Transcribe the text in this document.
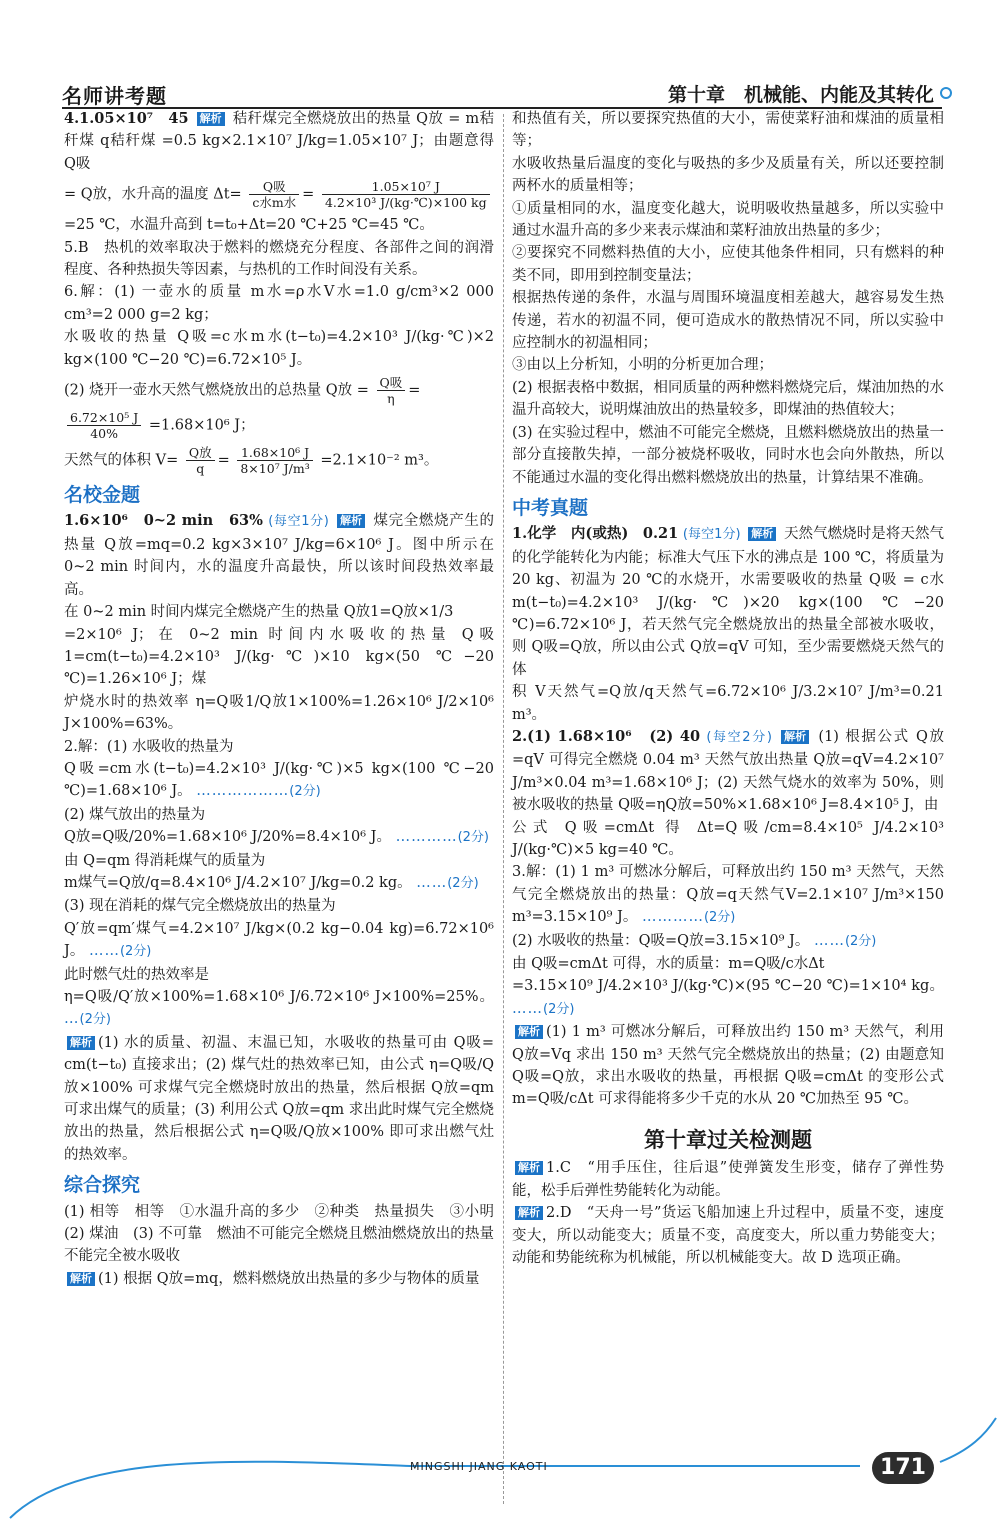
名师讲考题	第十章　机械能、内能及其转化

4.1.05×10⁷　45 解析 秸秆煤完全燃烧放出的热量 Q放 = m秸秆煤 q秸秆煤 =0.5 kg×2.1×10⁷ J/kg=1.05×10⁷ J；由题意得 Q吸

= Q放，水升高的温度 $\Delta t= \frac{\text{Q吸}}{\text{c水m水}} = \frac{\text{1.05×10⁷ J}}{\text{4.2×10³ J/(kg·℃)×100 kg}}$

=25 ℃，水温升高到 t=t₀+Δt=20 ℃+25 ℃=45 ℃。

5.B　热机的效率取决于燃料的燃烧充分程度、各部件之间的润滑程度、各种热损失等因素，与热机的工作时间没有关系。

6.解：(1) 一壶水的质量 m水=ρ水V水=1.0 g/cm³×2 000 cm³=2 000 g=2 kg；

水吸收的热量 Q吸=c水m水(t−t₀)=4.2×10³ J/(kg·℃)×2 kg×(100 ℃−20 ℃)=6.72×10⁵ J。

(2) 烧开一壶水天然气燃烧放出的总热量 Q放 = $\frac{\text{Q吸}}{\eta}$ =

$\frac{\text{6.72×10⁵ J}}{40\%} =1.68\times 10^6$ J；

天然气的体积 $V= \frac{\text{Q放}}{q} = \frac{\text{1.68×10⁶ J}}{\text{8×10⁷ J/m³}} =2.1\times 10^{-2}$ m³。

名校金题

1.6×10⁶　0~2 min　63% (每空1分) 解析 煤完全燃烧产生的热量 Q放=mq=0.2 kg×3×10⁷ J/kg=6×10⁶ J。图中所示在 0~2 min 时间内，水的温度升高最快，所以该时间段热效率最高。

在 0~2 min 时间内煤完全燃烧产生的热量 Q放1=Q放×1/3

=2×10⁶ J；在 0~2 min 时间内水吸收的热量 Q吸1=cm(t−t₀)=4.2×10³ J/(kg·℃)×10 kg×(50 ℃−20 ℃)=1.26×10⁶ J；煤

炉烧水时的热效率 η=Q吸1/Q放1×100%=1.26×10⁶ J/2×10⁶ J×100%=63%。

2.解：(1) 水吸收的热量为

Q吸=cm水(t−t₀)=4.2×10³ J/(kg·℃)×5 kg×(100 ℃−20 ℃)=1.68×10⁶ J。 ………………(2分)

(2) 煤气放出的热量为

Q放=Q吸/20%=1.68×10⁶ J/20%=8.4×10⁶ J。 …………(2分)

由 Q=qm 得消耗煤气的质量为

m煤气=Q放/q=8.4×10⁶ J/4.2×10⁷ J/kg=0.2 kg。 ……(2分)

(3) 现在消耗的煤气完全燃烧放出的热量为

Q′放=qm′煤气=4.2×10⁷ J/kg×(0.2 kg−0.04 kg)=6.72×10⁶ J。 ……(2分)

此时燃气灶的热效率是

η=Q吸/Q′放×100%=1.68×10⁶ J/6.72×10⁶ J×100%=25%。 …(2分)

解析 (1) 水的质量、初温、末温已知，水吸收的热量可由 Q吸= cm(t−t₀) 直接求出；(2) 煤气灶的热效率已知，由公式 η=Q吸/Q放×100% 可求煤气完全燃烧时放出的热量，然后根据 Q放=qm 可求出煤气的质量；(3) 利用公式 Q放=qm 求出此时煤气完全燃烧放出的热量，然后根据公式 η=Q吸/Q放×100% 即可求出燃气灶的热效率。

综合探究

(1) 相等　相等　①水温升高的多少　②种类　热量损失　③小明　(2) 煤油　(3) 不可靠　燃油不可能完全燃烧且燃油燃烧放出的热量不能完全被水吸收

解析 (1) 根据 Q放=mq，燃料燃烧放出热量的多少与物体的质量

和热值有关，所以要探究热值的大小，需使菜籽油和煤油的质量相等；

水吸收热量后温度的变化与吸热的多少及质量有关，所以还要控制两杯水的质量相等；

①质量相同的水，温度变化越大，说明吸收热量越多，所以实验中通过水温升高的多少来表示煤油和菜籽油放出热量的多少；

②要探究不同燃料热值的大小，应使其他条件相同，只有燃料的种类不同，即用到控制变量法；

根据热传递的条件，水温与周围环境温度相差越大，越容易发生热传递，若水的初温不同，便可造成水的散热情况不同，所以实验中应控制水的初温相同；

③由以上分析知，小明的分析更加合理；

(2) 根据表格中数据，相同质量的两种燃料燃烧完后，煤油加热的水温升高较大，说明煤油放出的热量较多，即煤油的热值较大；

(3) 在实验过程中，燃油不可能完全燃烧，且燃料燃烧放出的热量一部分直接散失掉，一部分被烧杯吸收，同时水也会向外散热，所以不能通过水温的变化得出燃料燃烧放出的热量，计算结果不准确。

中考真题

1.化学　内(或热)　0.21 (每空1分) 解析 天然气燃烧时是将天然气的化学能转化为内能；标准大气压下水的沸点是 100 ℃，将质量为 20 kg、初温为 20 ℃的水烧开，水需要吸收的热量 Q吸 = c水m(t−t₀)=4.2×10³ J/(kg·℃)×20 kg×(100 ℃−20 ℃)=6.72×10⁶ J，若天然气完全燃烧放出的热量全部被水吸收，则 Q吸=Q放，所以由公式 Q放=qV 可知，至少需要燃烧天然气的体

积 V天然气=Q放/q天然气=6.72×10⁶ J/3.2×10⁷ J/m³=0.21 m³。

2.(1) 1.68×10⁶　(2) 40 (每空2分) 解析 (1) 根据公式 Q放 =qV 可得完全燃烧 0.04 m³ 天然气放出热量 Q放=qV=4.2×10⁷ J/m³×0.04 m³=1.68×10⁶ J；(2) 天然气烧水的效率为 50%，则被水吸收的热量 Q吸=ηQ放=50%×1.68×10⁶ J=8.4×10⁵ J，由

公式 Q吸=cmΔt 得 Δt=Q吸/cm=8.4×10⁵ J/4.2×10³ J/(kg·℃)×5 kg=40 ℃。

3.解：(1) 1 m³ 可燃冰分解后，可释放出约 150 m³ 天然气，天然气完全燃烧放出的热量：Q放=q天然气V=2.1×10⁷ J/m³×150 m³=3.15×10⁹ J。 …………(2分)

(2) 水吸收的热量：Q吸=Q放=3.15×10⁹ J。 ……(2分)

由 Q吸=cmΔt 可得，水的质量：m=Q吸/c水Δt

=3.15×10⁹ J/4.2×10³ J/(kg·℃)×(95 ℃−20 ℃)=1×10⁴ kg。 ……(2分)

解析 (1) 1 m³ 可燃冰分解后，可释放出约 150 m³ 天然气，利用 Q放=Vq 求出 150 m³ 天然气完全燃烧放出的热量；(2) 由题意知 Q吸=Q放，求出水吸收的热量，再根据 Q吸=cmΔt 的变形公式 m=Q吸/cΔt 可求得能将多少千克的水从 20 ℃加热至 95 ℃。

第十章过关检测题

解析 1.C　“用手压住，往后退”使弹簧发生形变，储存了弹性势能，松手后弹性势能转化为动能。

解析 2.D　“天舟一号”货运飞船加速上升过程中，质量不变，速度变大，所以动能变大；质量不变，高度变大，所以重力势能变大；动能和势能统称为机械能，所以机械能变大。故 D 选项正确。

MINGSHI JIANG KAOTI	171
